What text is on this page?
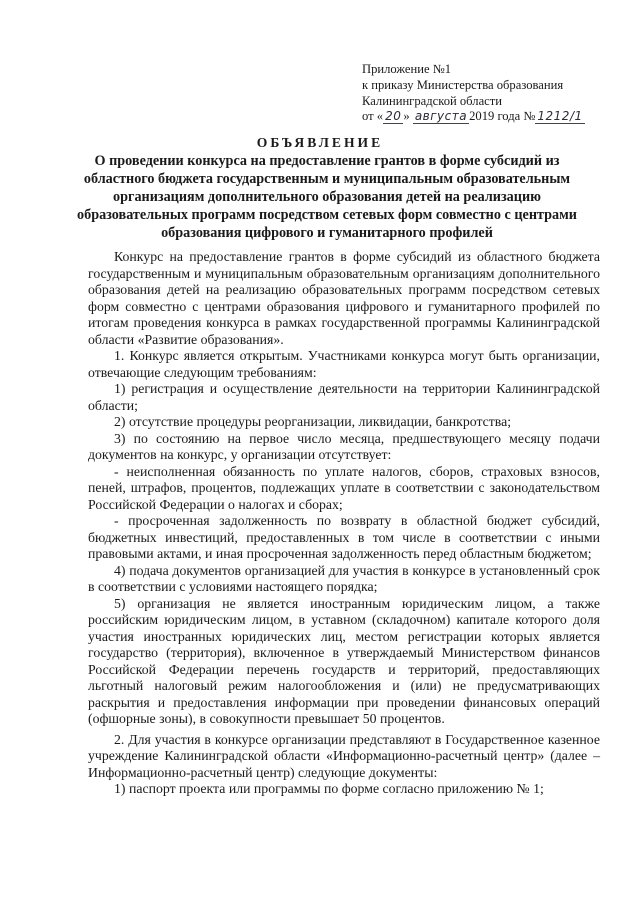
Приложение №1
к приказу Министерства образования
Калининградской области
от « 20 » августа 2019 года № 1212/1
ОБЪЯВЛЕНИЕ
О проведении конкурса на предоставление грантов в форме субсидий из областного бюджета государственным и муниципальным образовательным организациям дополнительного образования детей на реализацию образовательных программ посредством сетевых форм совместно с центрами образования цифрового и гуманитарного профилей

Конкурс на предоставление грантов в форме субсидий из областного бюджета государственным и муниципальным образовательным организациям дополнительного образования детей на реализацию образовательных программ посредством сетевых форм совместно с центрами образования цифрового и гуманитарного профилей по итогам проведения конкурса в рамках государственной программы Калининградской области «Развитие образования».

1. Конкурс является открытым. Участниками конкурса могут быть организации, отвечающие следующим требованиям:

1) регистрация и осуществление деятельности на территории Калининградской области;

2) отсутствие процедуры реорганизации, ликвидации, банкротства;

3) по состоянию на первое число месяца, предшествующего месяцу подачи документов на конкурс, у организации отсутствует:

- неисполненная обязанность по уплате налогов, сборов, страховых взносов, пеней, штрафов, процентов, подлежащих уплате в соответствии с законодательством Российской Федерации о налогах и сборах;

- просроченная задолженность по возврату в областной бюджет субсидий, бюджетных инвестиций, предоставленных в том числе в соответствии с иными правовыми актами, и иная просроченная задолженность перед областным бюджетом;

4) подача документов организацией для участия в конкурсе в установленный срок в соответствии с условиями настоящего порядка;

5) организация не является иностранным юридическим лицом, а также российским юридическим лицом, в уставном (складочном) капитале которого доля участия иностранных юридических лиц, местом регистрации которых является государство (территория), включенное в утверждаемый Министерством финансов Российской Федерации перечень государств и территорий, предоставляющих льготный налоговый режим налогообложения и (или) не предусматривающих раскрытия и предоставления информации при проведении финансовых операций (офшорные зоны), в совокупности превышает 50 процентов.

2. Для участия в конкурсе организации представляют в Государственное казенное учреждение Калининградской области «Информационно-расчетный центр» (далее – Информационно-расчетный центр) следующие документы:

1) паспорт проекта или программы по форме согласно приложению № 1;
